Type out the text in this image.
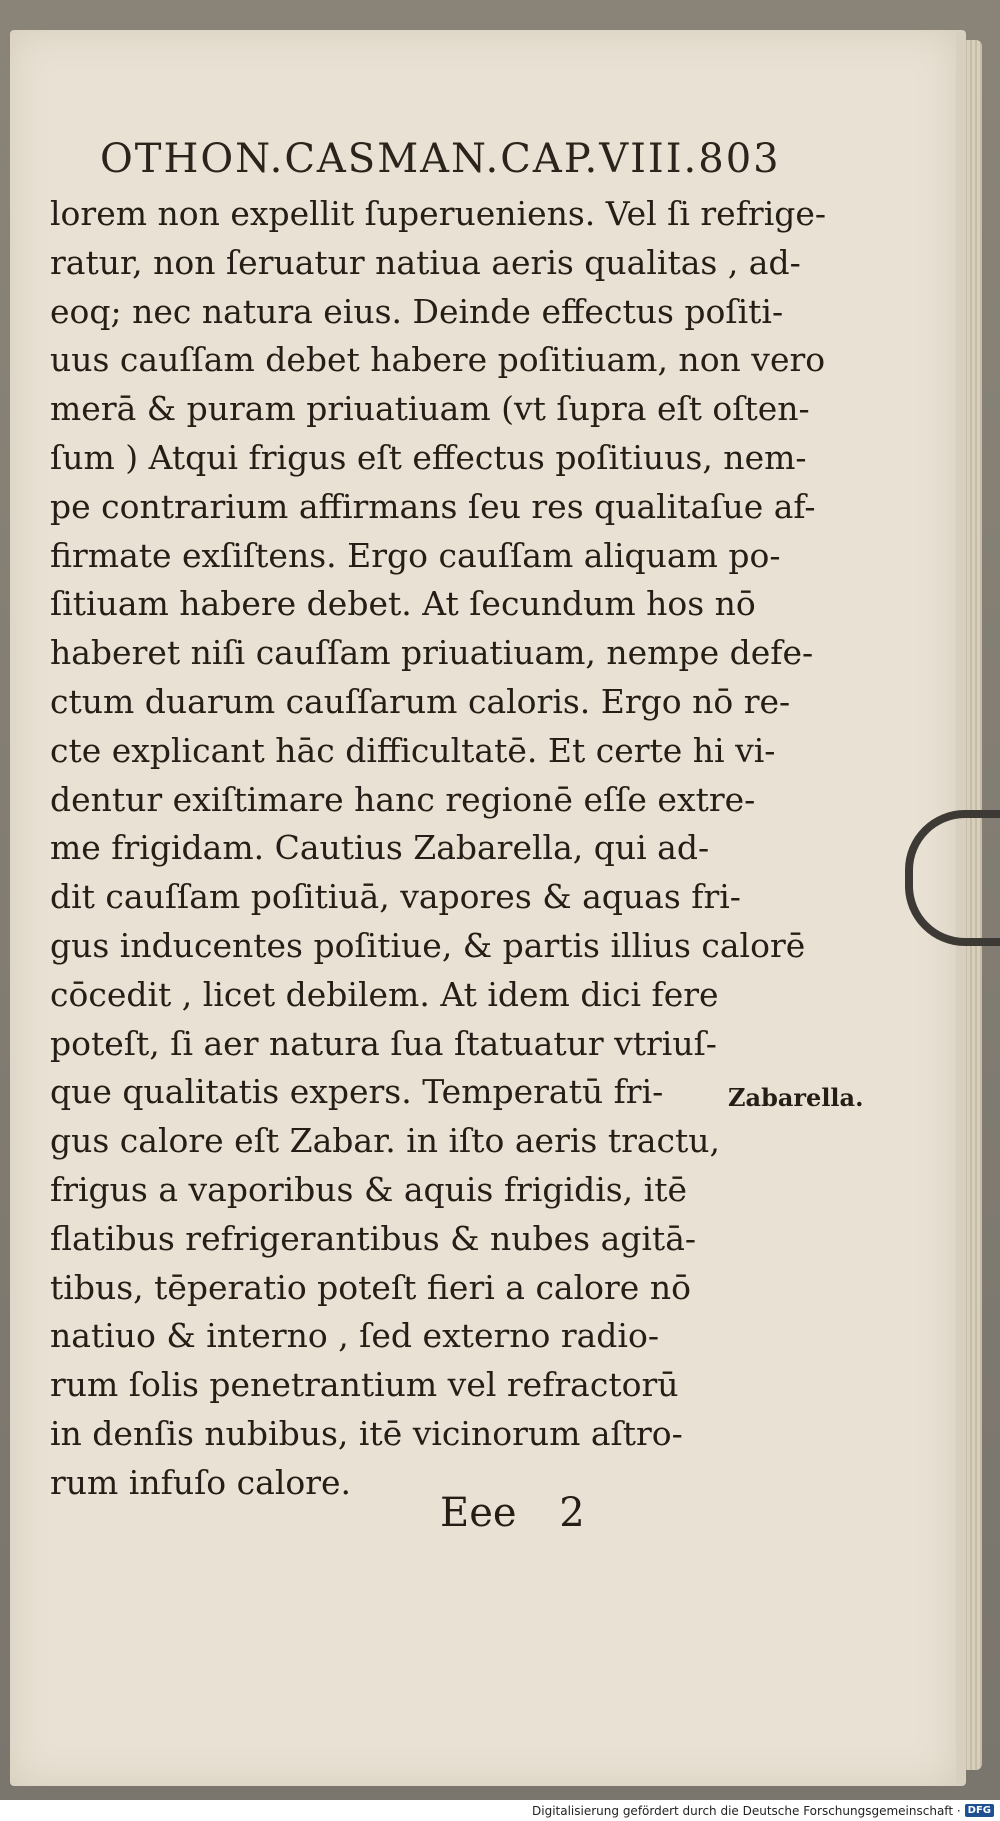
OTHON. CASMAN. CAP.VIII. 803
lorem non expellit ſuperueniens. Vel ſi refrige-
ratur, non ſeruatur natiua aeris qualitas , ad-
eoq; nec natura eius. Deinde effectus poſiti-
uus cauſſam debet habere poſitiuam, non vero
merā & puram priuatiuam (vt ſupra eſt oſten-
ſum ) Atqui frigus eſt effectus poſitiuus, nem-
pe contrarium affirmans ſeu res qualitaſue af-
firmate exſiſtens. Ergo cauſſam aliquam po-
ſitiuam habere debet. At ſecundum hos nō
haberet niſi cauſſam priuatiuam, nempe defe-
ctum duarum cauſſarum caloris. Ergo nō re-
cte explicant hāc difficultatē. Et certe hi vi-
dentur exiſtimare hanc regionē eſſe extre-
me frigidam. Cautius Zabarella, qui ad-
dit cauſſam poſitiuā, vapores & aquas fri-
gus inducentes poſitiue, & partis illius calorē
cōcedit , licet debilem. At idem dici fere
poteſt, ſi aer natura ſua ſtatuatur vtriuſ-
que qualitatis expers. Temperatū fri-
gus calore eſt Zabar. in iſto aeris tractu,
frigus a vaporibus & aquis frigidis, itē
flatibus refrigerantibus & nubes agitā-
tibus, tēperatio poteſt fieri a calore nō
natiuo & interno , ſed externo radio-
rum ſolis penetrantium vel refractorū
in denſis nubibus, itē vicinorum aſtro-
rum infuſo calore.
Zabarella.
Eee 2
Digitalisierung gefördert durch die Deutsche Forschungsgemeinschaft · DFG
